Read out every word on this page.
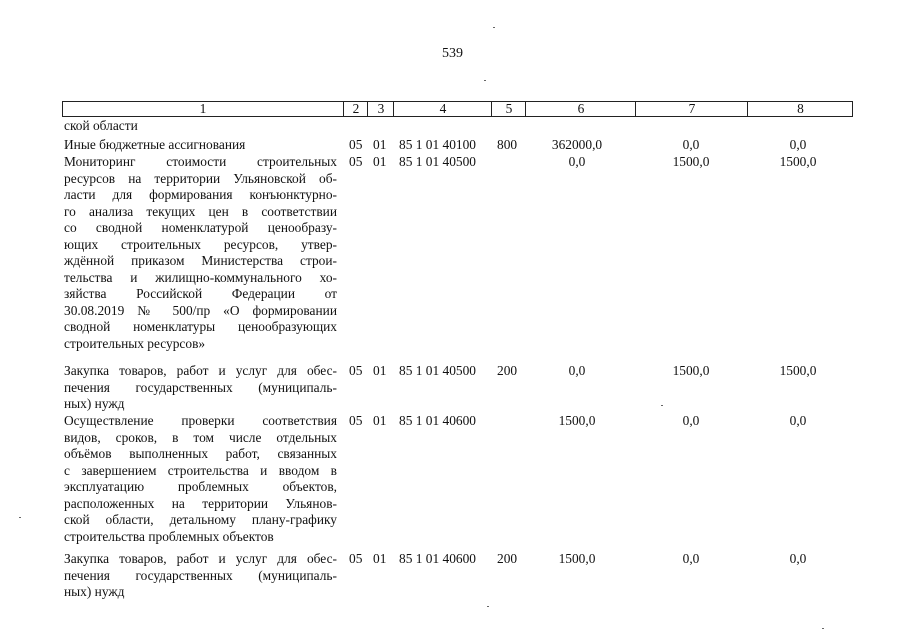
539
1	2	3	4	5	6	7	8
ской области
Иные бюджетные ассигнования	05 01 85 1 01 40100 800	362000,0	0,0	0,0
Мониторинг стоимости строительных
ресурсов на территории Ульяновской об-
ласти для формирования конъюнктурно-
го анализа текущих цен в соответствии
со сводной номенклатурой ценообразу-
ющих строительных ресурсов, утвер-
ждённой приказом Министерства строи-
тельства и жилищно-коммунального хо-
зяйства Российской Федерации от
30.08.2019 № 500/пр «О формировании
сводной номенклатуры ценообразующих
строительных ресурсов»
05 01 85 1 01 40500	0,0	1500,0	1500,0
Закупка товаров, работ и услуг для обес-
печения государственных (муниципаль-
ных) нужд
05 01 85 1 01 40500 200	0,0	1500,0	1500,0
Осуществление проверки соответствия
видов, сроков, в том числе отдельных
объёмов выполненных работ, связанных
с завершением строительства и вводом в
эксплуатацию проблемных объектов,
расположенных на территории Ульянов-
ской области, детальному плану-графику
строительства проблемных объектов
05 01 85 1 01 40600	1500,0	0,0	0,0
Закупка товаров, работ и услуг для обес-
печения государственных (муниципаль-
ных) нужд
05 01 85 1 01 40600 200	1500,0	0,0	0,0
